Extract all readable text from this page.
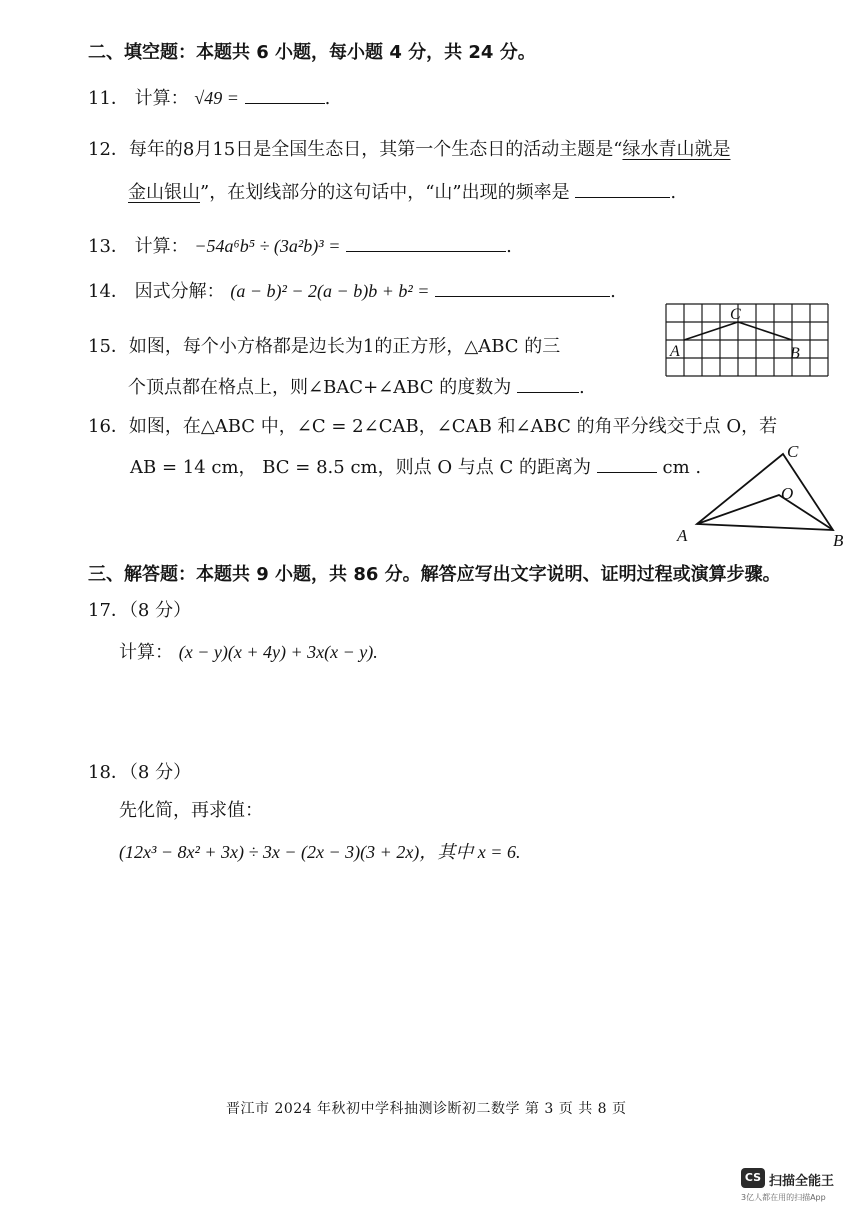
二、填空题：本题共 6 小题，每小题 4 分，共 24 分。
11． 计算： √49 =	.
12．每年的8月15日是全国生态日，其第一个生态日的活动主题是“绿水青山就是
金山银山”，在划线部分的这句话中，“山”出现的频率是	.
13． 计算： −54a⁶b⁵ ÷ (3a²b)³ =	.
14． 因式分解： (a − b)² − 2(a − b)b + b² =	.
15．如图，每个小方格都是边长为1的正方形，△ABC 的三
个顶点都在格点上，则∠BAC+∠ABC 的度数为	.
A
C
B
16．如图，在△ABC 中，∠C = 2∠CAB，∠CAB 和∠ABC 的角平分线交于点 O，若
AB = 14 cm， BC = 8.5 cm，则点 O 与点 C 的距离为	cm .
A
C
O
B
三、解答题：本题共 9 小题，共 86 分。解答应写出文字说明、证明过程或演算步骤。
17．（8 分）
计算： (x − y)(x + 4y) + 3x(x − y).
18．（8 分）
先化简，再求值：
(12x³ − 8x² + 3x) ÷ 3x − (2x − 3)(3 + 2x)，其中 x = 6.
晋江市 2024 年秋初中学科抽测诊断初二数学 第 3 页 共 8 页
CS 扫描全能王
3亿人都在用的扫描App
